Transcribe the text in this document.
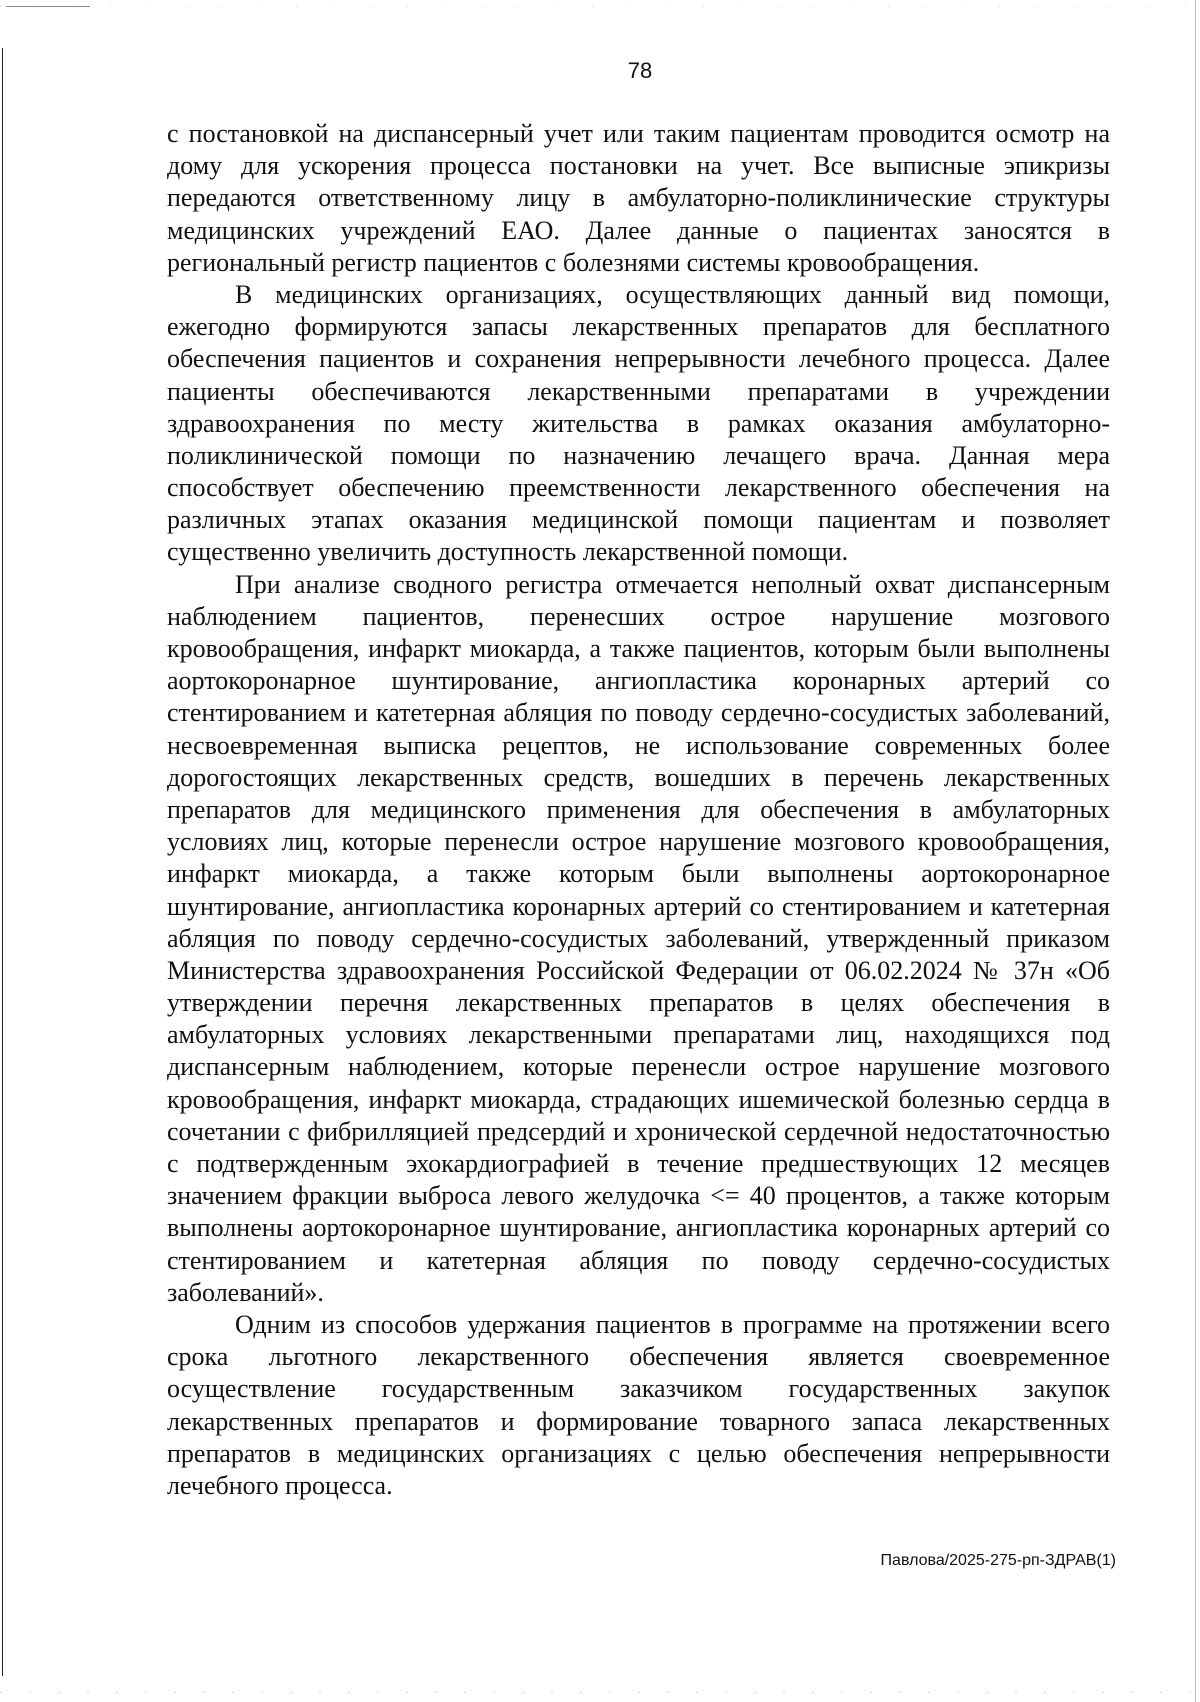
78

с постановкой на диспансерный учет или таким пациентам проводится осмотр на дому для ускорения процесса постановки на учет. Все выписные эпикризы передаются ответственному лицу в амбулаторно-поликлинические структуры медицинских учреждений ЕАО. Далее данные о пациентах заносятся в региональный регистр пациентов с болезнями системы кровообращения.

В медицинских организациях, осуществляющих данный вид помощи, ежегодно формируются запасы лекарственных препаратов для бесплатного обеспечения пациентов и сохранения непрерывности лечебного процесса. Далее пациенты обеспечиваются лекарственными препаратами в учреждении здравоохранения по месту жительства в рамках оказания амбулаторно-поликлинической помощи по назначению лечащего врача. Данная мера способствует обеспечению преемственности лекарственного обеспечения на различных этапах оказания медицинской помощи пациентам и позволяет существенно увеличить доступность лекарственной помощи.

При анализе сводного регистра отмечается неполный охват диспансерным наблюдением пациентов, перенесших острое нарушение мозгового кровообращения, инфаркт миокарда, а также пациентов, которым были выполнены аортокоронарное шунтирование, ангиопластика коронарных артерий со стентированием и катетерная абляция по поводу сердечно-сосудистых заболеваний, несвоевременная выписка рецептов, не использование современных более дорогостоящих лекарственных средств, вошедших в перечень лекарственных препаратов для медицинского применения для обеспечения в амбулаторных условиях лиц, которые перенесли острое нарушение мозгового кровообращения, инфаркт миокарда, а также которым были выполнены аортокоронарное шунтирование, ангиопластика коронарных артерий со стентированием и катетерная абляция по поводу сердечно-сосудистых заболеваний, утвержденный приказом Министерства здравоохранения Российской Федерации от 06.02.2024 № 37н «Об утверждении перечня лекарственных препаратов в целях обеспечения в амбулаторных условиях лекарственными препаратами лиц, находящихся под диспансерным наблюдением, которые перенесли острое нарушение мозгового кровообращения, инфаркт миокарда, страдающих ишемической болезнью сердца в сочетании с фибрилляцией предсердий и хронической сердечной недостаточностью с подтвержденным эхокардиографией в течение предшествующих 12 месяцев значением фракции выброса левого желудочка <= 40 процентов, а также которым выполнены аортокоронарное шунтирование, ангиопластика коронарных артерий со стентированием и катетерная абляция по поводу сердечно-сосудистых заболеваний».

Одним из способов удержания пациентов в программе на протяжении всего срока льготного лекарственного обеспечения является своевременное осуществление государственным заказчиком государственных закупок лекарственных препаратов и формирование товарного запаса лекарственных препаратов в медицинских организациях с целью обеспечения непрерывности лечебного процесса.

Павлова/2025-275-рп-ЗДРАВ(1)
